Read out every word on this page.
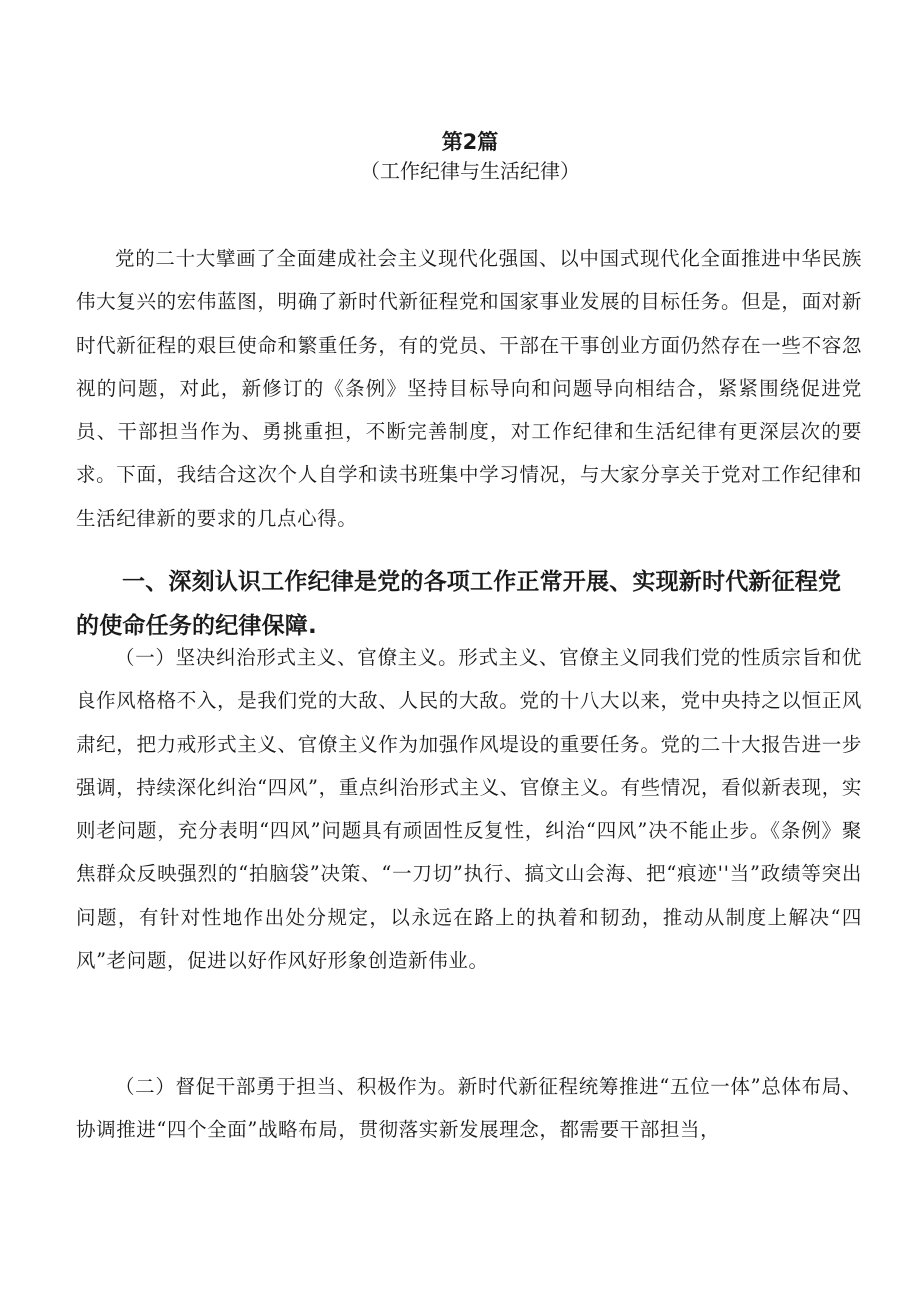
第2篇

（工作纪律与生活纪律）

党的二十大擘画了全面建成社会主义现代化强国、以中国式现代化全面推进中华民族伟大复兴的宏伟蓝图，明确了新时代新征程党和国家事业发展的目标任务。但是，面对新时代新征程的艰巨使命和繁重任务，有的党员、干部在干事创业方面仍然存在一些不容忽视的问题，对此，新修订的《条例》坚持目标导向和问题导向相结合，紧紧围绕促进党员、干部担当作为、勇挑重担，不断完善制度，对工作纪律和生活纪律有更深层次的要求。下面，我结合这次个人自学和读书班集中学习情况，与大家分享关于党对工作纪律和生活纪律新的要求的几点心得。

一、深刻认识工作纪律是党的各项工作正常开展、实现新时代新征程党的使命任务的纪律保障.

（一）坚决纠治形式主义、官僚主义。形式主义、官僚主义同我们党的性质宗旨和优良作风格格不入，是我们党的大敌、人民的大敌。党的十八大以来，党中央持之以恒正风肃纪，把力戒形式主义、官僚主义作为加强作风堤设的重要任务。党的二十大报告进一步强调，持续深化纠治“四风”，重点纠治形式主义、官僚主义。有些情况，看似新表现，实则老问题，充分表明“四风”问题具有顽固性反复性，纠治“四风”决不能止步。《条例》聚焦群众反映强烈的“拍脑袋”决策、“一刀切”执行、搞文山会海、把“痕迹''当”政绩等突出问题，有针对性地作出处分规定，以永远在路上的执着和韧劲，推动从制度上解决“四风”老问题，促进以好作风好形象创造新伟业。

（二）督促干部勇于担当、积极作为。新时代新征程统筹推进“五位一体”总体布局、协调推进“四个全面”战略布局，贯彻落实新发展理念，都需要干部担当，
